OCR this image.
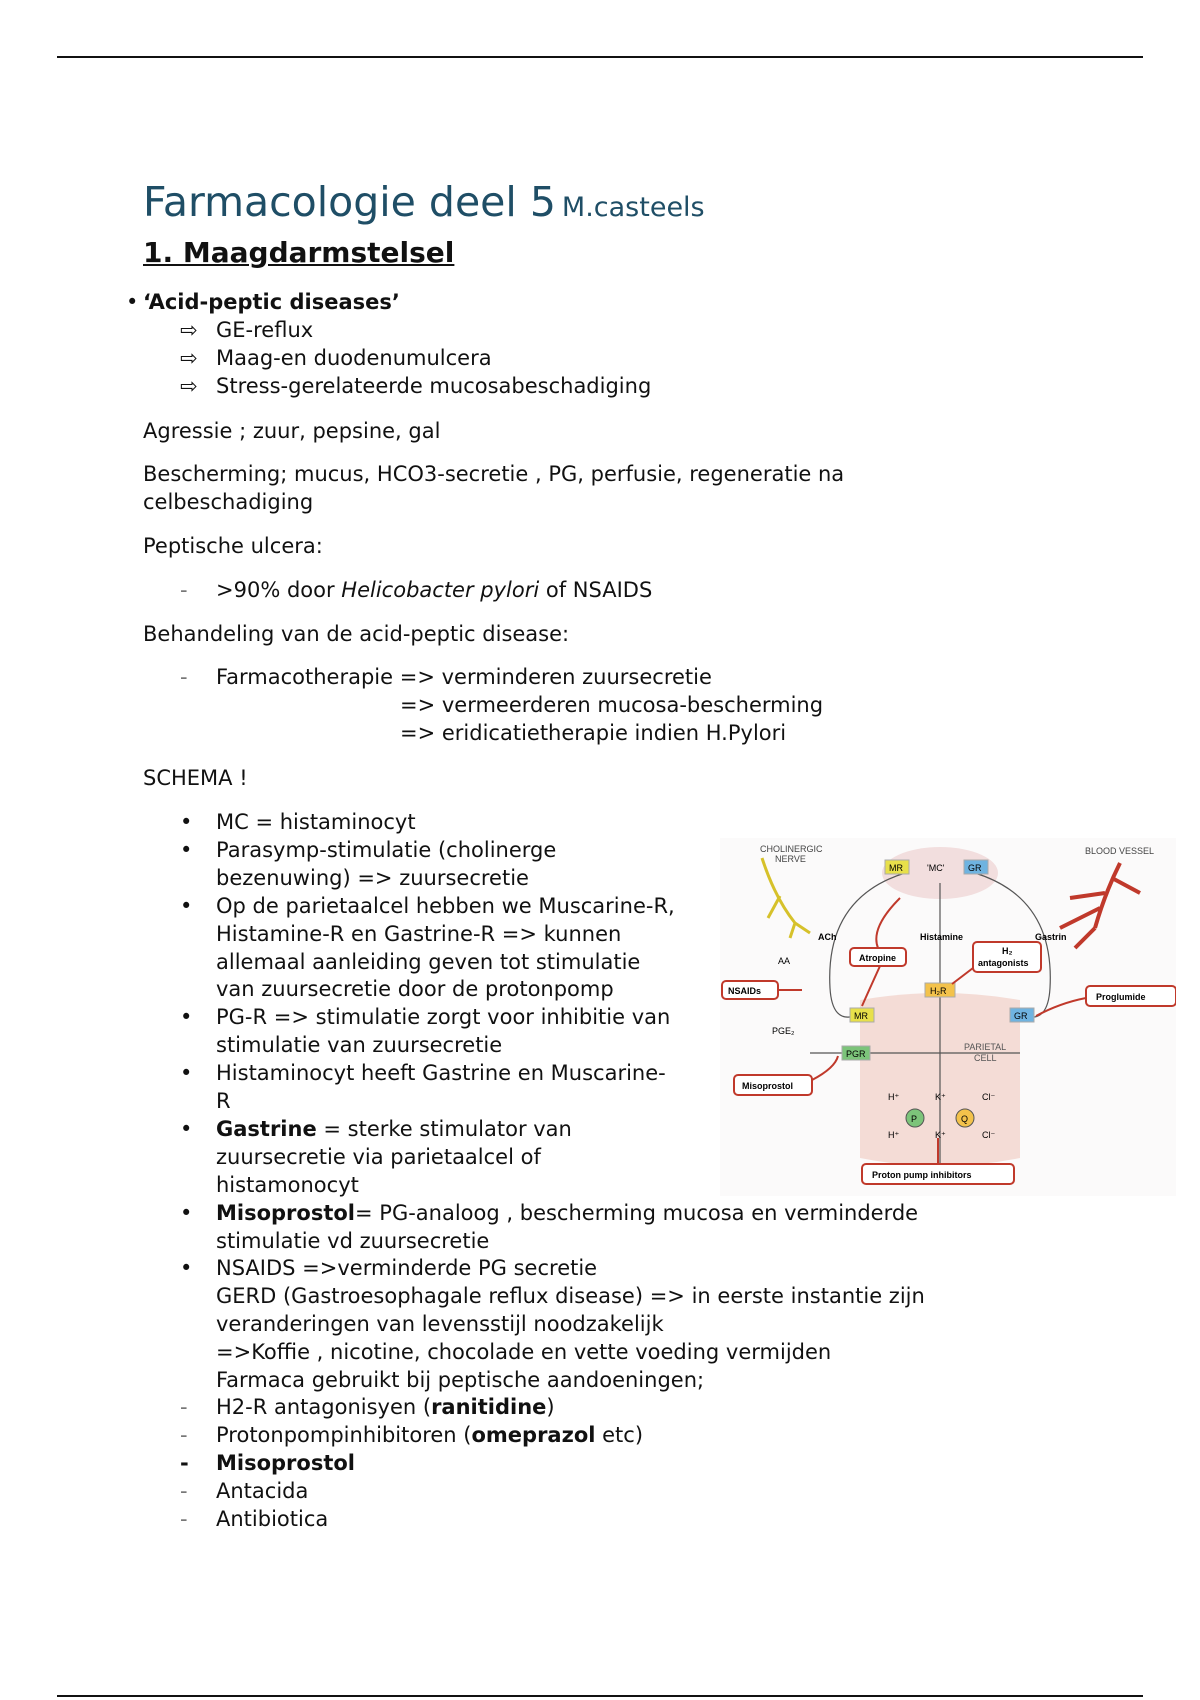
Farmacologie deel 5 M.casteels
1. Maagdarmstelsel
• ‘Acid-peptic diseases’
⇨ GE-reflux
⇨ Maag-en duodenumulcera
⇨ Stress-gerelateerde mucosabeschadiging
Agressie ; zuur, pepsine, gal
Bescherming; mucus, HCO3-secretie , PG, perfusie, regeneratie na
celbeschadiging
Peptische ulcera:
- >90% door Helicobacter pylori of NSAIDS
Behandeling van de acid-peptic disease:
- Farmacotherapie => verminderen zuursecretie
=> vermeerderen mucosa-bescherming
=> eridicatietherapie indien H.Pylori
SCHEMA !
• MC = histaminocyt
• Parasymp-stimulatie (cholinerge
bezenuwing) => zuursecretie
• Op de parietaalcel hebben we Muscarine-R,
Histamine-R en Gastrine-R => kunnen
allemaal aanleiding geven tot stimulatie
van zuursecretie door de protonpomp
• PG-R => stimulatie zorgt voor inhibitie van
stimulatie van zuursecretie
• Histaminocyt heeft Gastrine en Muscarine-
R
• Gastrine = sterke stimulator van
zuursecretie via parietaalcel of
histamonocyt
• Misoprostol= PG-analoog , bescherming mucosa en verminderde
stimulatie vd zuursecretie
• NSAIDS =>verminderde PG secretie
GERD (Gastroesophagale reflux disease) => in eerste instantie zijn
veranderingen van levensstijl noodzakelijk
=>Koffie , nicotine, chocolade en vette voeding vermijden
Farmaca gebruikt bij peptische aandoeningen;
- H2-R antagonisyen (ranitidine)
- Protonpompinhibitoren (omeprazol etc)
- Misoprostol
- Antacida
- Antibiotica
CHOLINERGIC
NERVE
BLOOD VESSEL
MR	'MC'	GR
ACh	Histamine	Gastrin
Atropine
H₂
antagonists
AA
NSAIDs	H₂R
Proglumide
MR	GR
PGE₂
PGR
PARIETAL
CELL
Misoprostol
H⁺	K⁺	Cl⁻
P	Q
H⁺	K⁺	Cl⁻
Proton pump inhibitors
